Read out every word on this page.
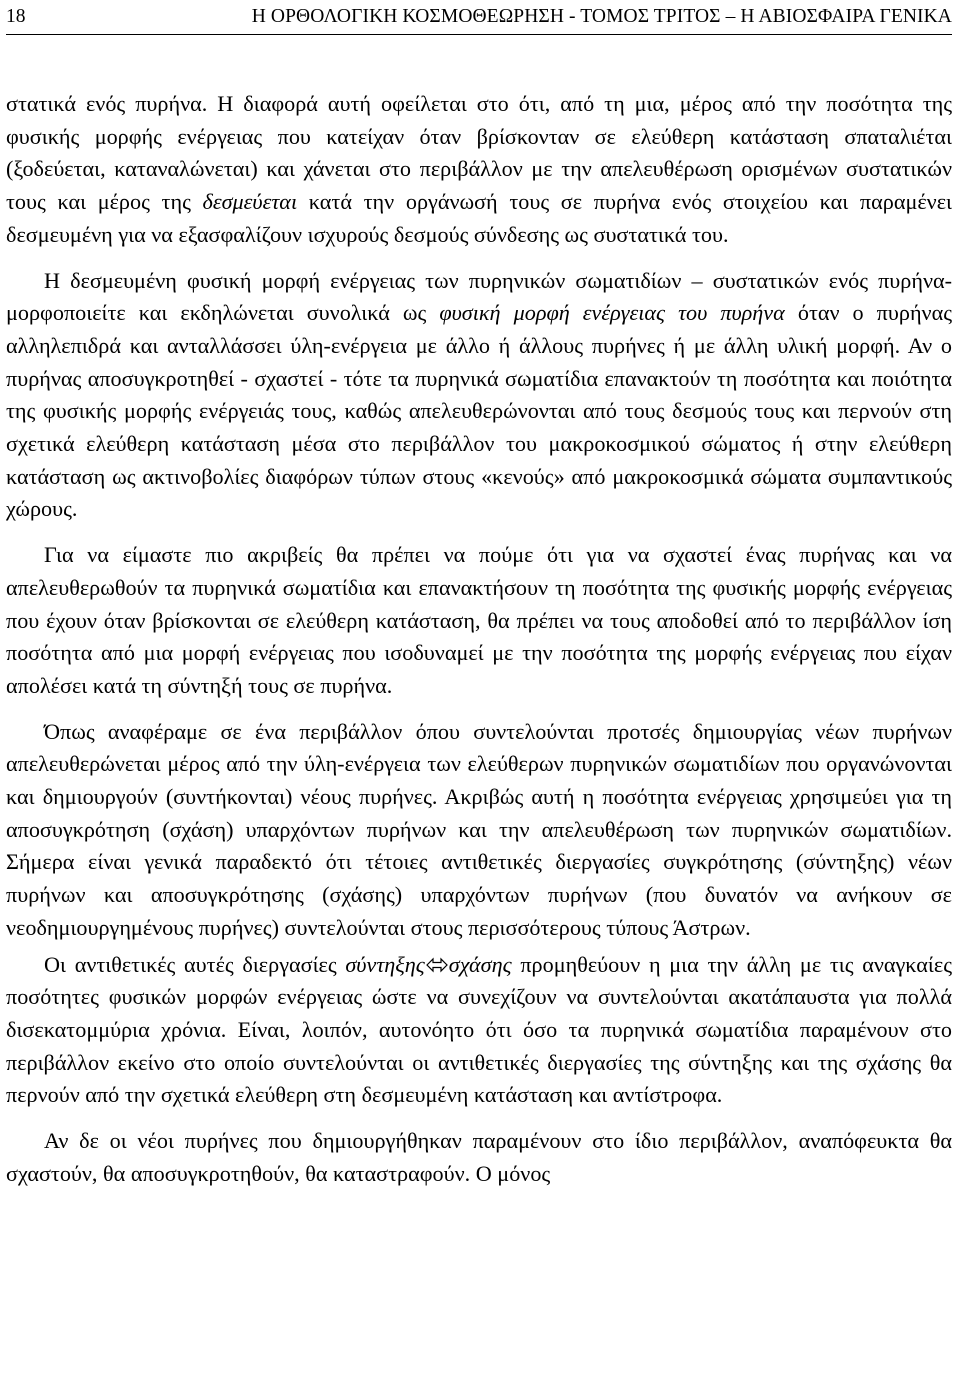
18	Η ΟΡΘΟΛΟΓΙΚΗ ΚΟΣΜΟΘΕΩΡΗΣΗ - ΤΟΜΟΣ ΤΡΙΤΟΣ – Η ΑΒΙΟΣΦΑΙΡΑ ΓΕΝΙΚΑ

στατικά ενός πυρήνα. Η διαφορά αυτή οφείλεται στο ότι, από τη μια, μέρος από την ποσότητα της φυσικής μορφής ενέργειας που κατείχαν όταν βρίσκονταν σε ελεύθερη κατάσταση σπαταλιέται (ξοδεύεται, καταναλώνεται) και χάνεται στο περιβάλλον με την απελευθέρωση ορισμένων συστατικών τους και μέρος της δεσμεύεται κατά την οργάνωσή τους σε πυρήνα ενός στοιχείου και παραμένει δεσμευμένη για να εξασφαλίζουν ισχυρούς δεσμούς σύνδεσης ως συστατικά του.

Η δεσμευμένη φυσική μορφή ενέργειας των πυρηνικών σωματιδίων – συστατικών ενός πυρήνα- μορφοποιείτε και εκδηλώνεται συνολικά ως φυσική μορφή ενέργειας του πυρήνα όταν ο πυρήνας αλληλεπιδρά και ανταλλάσσει ύλη-ενέργεια με άλλο ή άλλους πυρήνες ή με άλλη υλική μορφή. Αν ο πυρήνας αποσυγκροτηθεί - σχαστεί - τότε τα πυρηνικά σωματίδια επανακτούν τη ποσότητα και ποιότητα της φυσικής μορφής ενέργειάς τους, καθώς απελευθερώνονται από τους δεσμούς τους και περνούν στη σχετικά ελεύθερη κατάσταση μέσα στο περιβάλλον του μακροκοσμικού σώματος ή στην ελεύθερη κατάσταση ως ακτινοβολίες διαφόρων τύπων στους «κενούς» από μακροκοσμικά σώματα συμπαντικούς χώρους.

Για να είμαστε πιο ακριβείς θα πρέπει να πούμε ότι για να σχαστεί ένας πυρήνας και να απελευθερωθούν τα πυρηνικά σωματίδια και επανακτήσουν τη ποσότητα της φυσικής μορφής ενέργειας που έχουν όταν βρίσκονται σε ελεύθερη κατάσταση, θα πρέπει να τους αποδοθεί από το περιβάλλον ίση ποσότητα από μια μορφή ενέργειας που ισοδυναμεί με την ποσότητα της μορφής ενέργειας που είχαν απολέσει κατά τη σύντηξή τους σε πυρήνα.

Όπως αναφέραμε σε ένα περιβάλλον όπου συντελούνται προτσές δημιουργίας νέων πυρήνων απελευθερώνεται μέρος από την ύλη-ενέργεια των ελεύθερων πυρηνικών σωματιδίων που οργανώνονται και δημιουργούν (συντήκονται) νέους πυρήνες. Ακριβώς αυτή η ποσότητα ενέργειας χρησιμεύει για τη αποσυγκρότηση (σχάση) υπαρχόντων πυρήνων και την απελευθέρωση των πυρηνικών σωματιδίων. Σήμερα είναι γενικά παραδεκτό ότι τέτοιες αντιθετικές διεργασίες συγκρότησης (σύντηξης) νέων πυρήνων και αποσυγκρότησης (σχάσης) υπαρχόντων πυρήνων (που δυνατόν να ανήκουν σε νεοδημιουργημένους πυρήνες) συντελούνται στους περισσότερους τύπους Άστρων.

Οι αντιθετικές αυτές διεργασίες σύντηξης σχάσης προμηθεύουν η μια την άλλη με τις αναγκαίες ποσότητες φυσικών μορφών ενέργειας ώστε να συνεχίζουν να συντελούνται ακατάπαυστα για πολλά δισεκατομμύρια χρόνια. Είναι, λοιπόν, αυτονόητο ότι όσο τα πυρηνικά σωματίδια παραμένουν στο περιβάλλον εκείνο στο οποίο συντελούνται οι αντιθετικές διεργασίες της σύντηξης και της σχάσης θα περνούν από την σχετικά ελεύθερη στη δεσμευμένη κατάσταση και αντίστροφα.

Αν δε οι νέοι πυρήνες που δημιουργήθηκαν παραμένουν στο ίδιο περιβάλλον, αναπόφευκτα θα σχαστούν, θα αποσυγκροτηθούν, θα καταστραφούν. Ο μόνος
